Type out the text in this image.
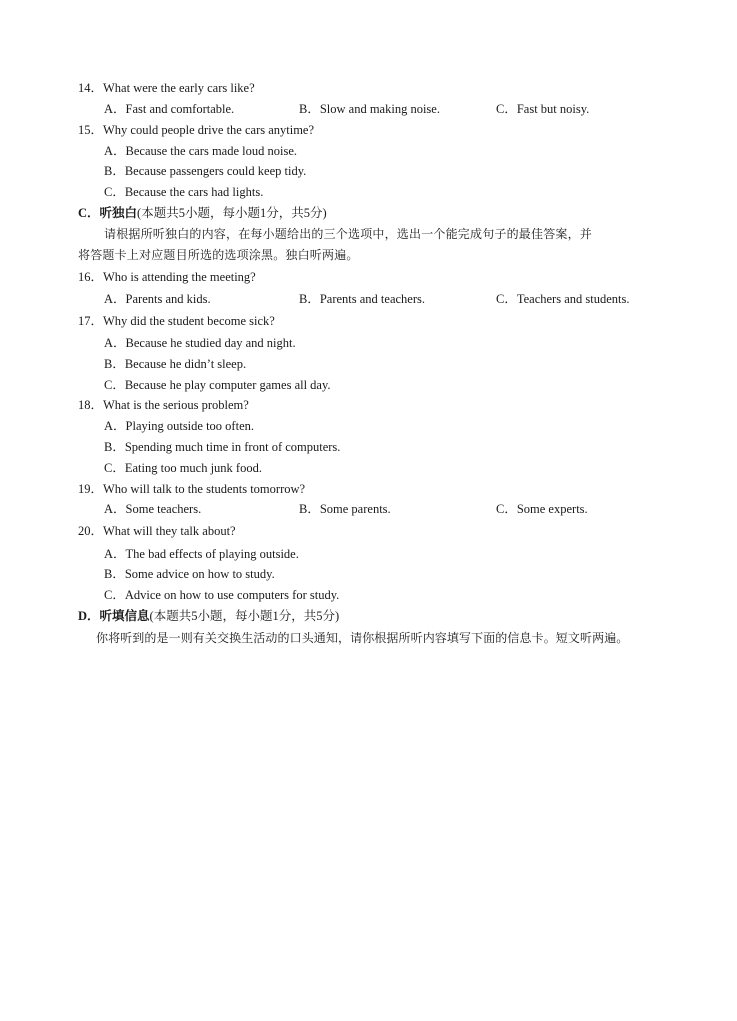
14．What were the early cars like?
A．Fast and comfortable.	B．Slow and making noise.	C．Fast but noisy.
15．Why could people drive the cars anytime?
A．Because the cars made loud noise.
B．Because passengers could keep tidy.
C．Because the cars had lights.
C．听独白(本题共5小题，每小题1分，共5分)
请根据所听独白的内容，在每小题给出的三个选项中，选出一个能完成句子的最佳答案，并
将答题卡上对应题目所选的选项涂黑。独白听两遍。
16．Who is attending the meeting?
A．Parents and kids.	B．Parents and teachers.	C．Teachers and students.
17．Why did the student become sick?
A．Because he studied day and night.
B．Because he didn’t sleep.
C．Because he play computer games all day.
18．What is the serious problem?
A．Playing outside too often.
B．Spending much time in front of computers.
C．Eating too much junk food.
19．Who will talk to the students tomorrow?
A．Some teachers.	B．Some parents.	C．Some experts.
20．What will they talk about?
A．The bad effects of playing outside.
B．Some advice on how to study.
C．Advice on how to use computers for study.
D．听填信息(本题共5小题，每小题1分，共5分)
你将听到的是一则有关交换生活动的口头通知，请你根据所听内容填写下面的信息卡。短文听两遍。
